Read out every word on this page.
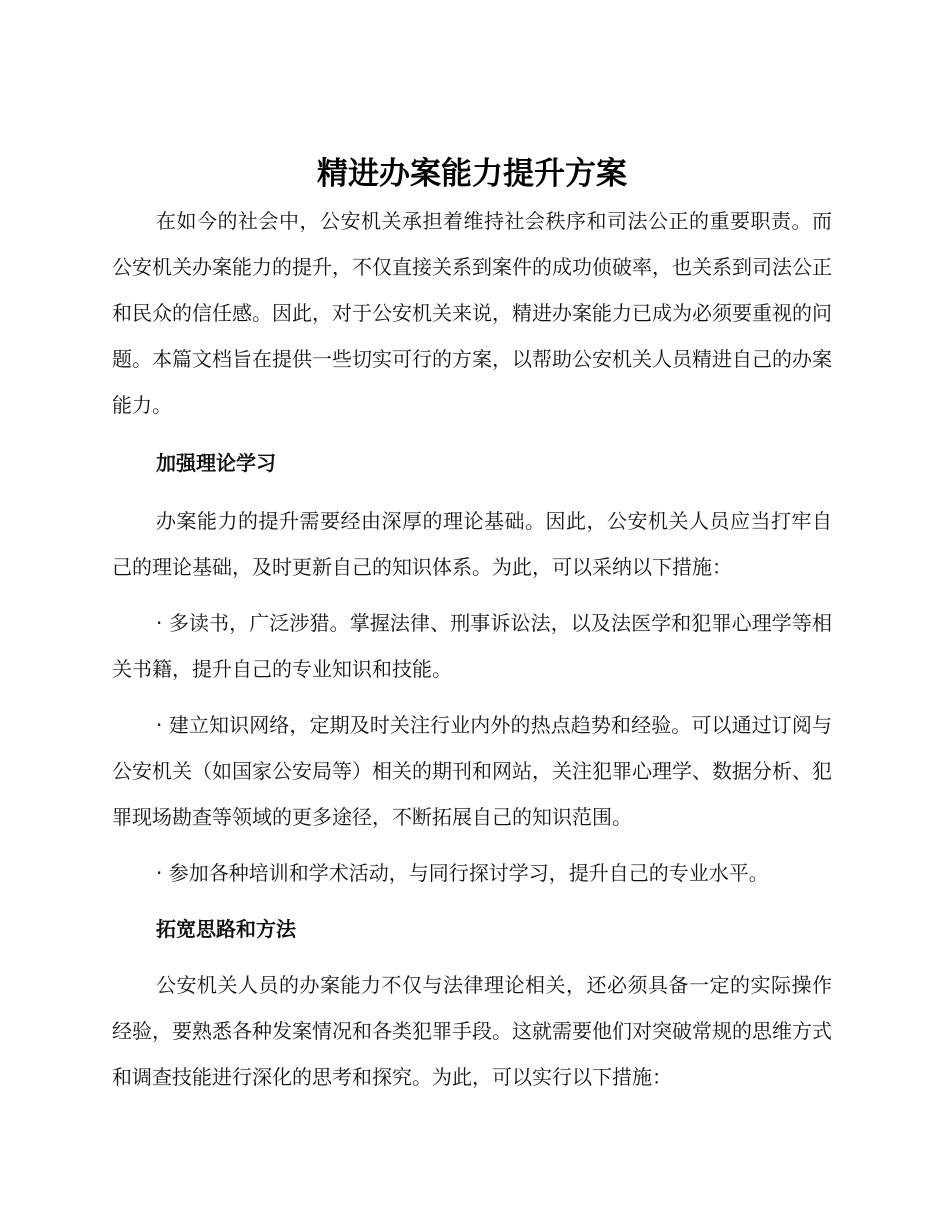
精进办案能力提升方案

在如今的社会中，公安机关承担着维持社会秩序和司法公正的重要职责。而公安机关办案能力的提升，不仅直接关系到案件的成功侦破率，也关系到司法公正和民众的信任感。因此，对于公安机关来说，精进办案能力已成为必须要重视的问题。本篇文档旨在提供一些切实可行的方案，以帮助公安机关人员精进自己的办案能力。

加强理论学习

办案能力的提升需要经由深厚的理论基础。因此，公安机关人员应当打牢自己的理论基础，及时更新自己的知识体系。为此，可以采纳以下措施：

· 多读书，广泛涉猎。掌握法律、刑事诉讼法，以及法医学和犯罪心理学等相关书籍，提升自己的专业知识和技能。

· 建立知识网络，定期及时关注行业内外的热点趋势和经验。可以通过订阅与公安机关（如国家公安局等）相关的期刊和网站，关注犯罪心理学、数据分析、犯罪现场勘查等领域的更多途径，不断拓展自己的知识范围。

· 参加各种培训和学术活动，与同行探讨学习，提升自己的专业水平。

拓宽思路和方法

公安机关人员的办案能力不仅与法律理论相关，还必须具备一定的实际操作经验，要熟悉各种发案情况和各类犯罪手段。这就需要他们对突破常规的思维方式和调查技能进行深化的思考和探究。为此，可以实行以下措施：
